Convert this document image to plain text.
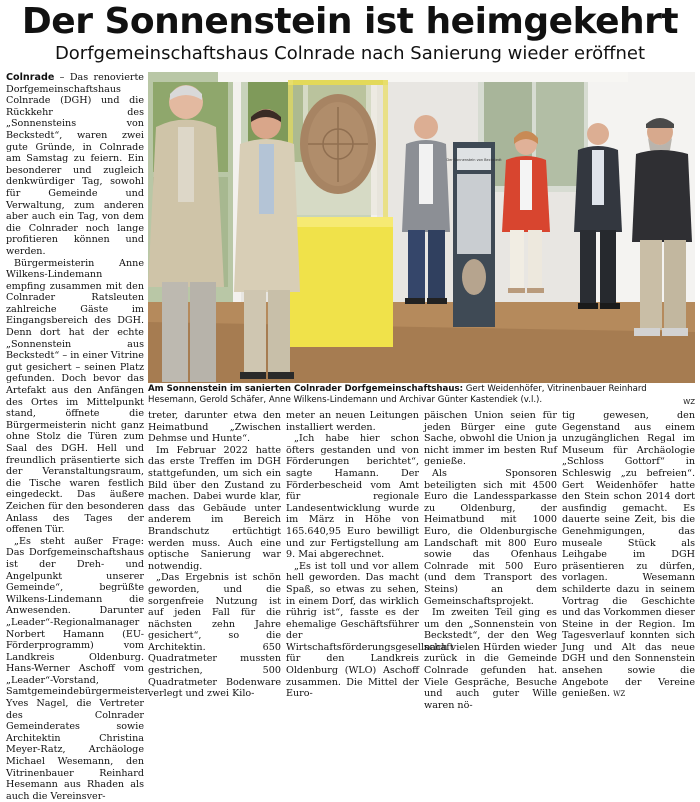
Der Sonnenstein ist heimgekehrt
Dorfgemeinschaftshaus Colnrade nach Sanierung wieder eröffnet

Colnrade – Das renovierte Dorfgemeinschaftshaus Colnrade (DGH) und die Rückkehr des „Sonnensteins von Beckstedt“, waren zwei gute Gründe, in Colnrade am Samstag zu feiern. Ein besonderer und zugleich denkwürdiger Tag, sowohl für Gemeinde und Verwaltung, zum anderen aber auch ein Tag, von dem die Colnrader noch lange profitieren können und werden.

Bürgermeisterin Anne Wilkens-Lindemann empfing zusammen mit den Colnrader Ratsleuten zahlreiche Gäste im Eingangsbereich des DGH. Denn dort hat der echte „Sonnenstein aus Beckstedt“ – in einer Vitrine gut gesichert – seinen Platz gefunden. Doch bevor das Artefakt aus den Anfängen des Ortes im Mittelpunkt stand, öffnete die Bürgermeisterin nicht ganz ohne Stolz die Türen zum Saal des DGH. Hell und freundlich präsentierte sich der Veranstaltungsraum, die Tische waren festlich eingedeckt. Das äußere Zeichen für den besonderen Anlass des Tages der offenen Tür.

„Es steht außer Frage: Das Dorfgemeinschaftshaus ist der Dreh- und Angelpunkt unserer Gemeinde“, begrüßte Wilkens-Lindemann die Anwesenden. Darunter „Leader“-Regionalmanager Norbert Hamann (EU-Förderprogramm) vom Landkreis Oldenburg. Hans-Werner Aschoff vom „Leader“-Vorstand, Samtgemeindebürgermeister Yves Nagel, die Vertreter des Colnrader Gemeinderates sowie Architektin Christina Meyer-Ratz, Archäologe Michael Wesemann, den Vitrinenbauer Reinhard Hesemann aus Rhaden als auch die Vereinsver-

Der Sonnenstein von Beckstedt
Am Sonnenstein im sanierten Colnrader Dorfgemeinschaftshaus: Gert Weidenhöfer, Vitrinenbauer Reinhard Hesemann, Gerold Schäfer, Anne Wilkens-Lindemann und Archivar Günter Kastendiek (v.l.).	WZ

treter, darunter etwa den Heimatbund „Zwischen Dehmse und Hunte“.

Im Februar 2022 hatte das erste Treffen im DGH stattgefunden, um sich ein Bild über den Zustand zu machen. Dabei wurde klar, dass das Gebäude unter anderem im Bereich Brandschutz ertüchtigt werden muss. Auch eine optische Sanierung war notwendig.

„Das Ergebnis ist schön geworden, und die sorgenfreie Nutzung ist auf jeden Fall für die nächsten zehn Jahre gesichert“, so die Architektin. 650 Quadratmeter mussten gestrichen, 500 Quadratmeter Bodenware verlegt und zwei Kilo-

meter an neuen Leitungen installiert werden.

„Ich habe hier schon öfters gestanden und von Förderungen berichtet“, sagte Hamann. Der Förderbescheid vom Amt für regionale Landesentwicklung wurde im März in Höhe von 165.640,95 Euro bewilligt und zur Fertigstellung am 9. Mai abgerechnet.

„Es ist toll und vor allem hell geworden. Das macht Spaß, so etwas zu sehen, in einem Dorf, das wirklich rührig ist“, fasste es der ehemalige Geschäftsführer der Wirtschaftsförderungsgesellschaft für den Landkreis Oldenburg (WLO) Aschoff zusammen. Die Mittel der Euro-

päischen Union seien für jeden Bürger eine gute Sache, obwohl die Union ja nicht immer im besten Ruf genieße.

Als Sponsoren beteiligten sich mit 4500 Euro die Landessparkasse zu Oldenburg, der Heimatbund mit 1000 Euro, die Oldenburgische Landschaft mit 800 Euro sowie das Ofenhaus Colnrade mit 500 Euro (und dem Transport des Steins) an dem Gemeinschaftsprojekt.

Im zweiten Teil ging es um den „Sonnenstein von Beckstedt“, der den Weg nach vielen Hürden wieder zurück in die Gemeinde Colnrade gefunden hat. Viele Gespräche, Besuche und auch guter Wille waren nö-

tig gewesen, den Gegenstand aus einem unzugänglichen Regal im Museum für Archäologie „Schloss Gottorf“ in Schleswig „zu befreien“. Gert Weidenhöfer hatte den Stein schon 2014 dort ausfindig gemacht. Es dauerte seine Zeit, bis die Genehmigungen, das museale Stück als Leihgabe im DGH präsentieren zu dürfen, vorlagen. Wesemann schilderte dazu in seinem Vortrag die Geschichte und das Vorkommen dieser Steine in der Region. Im Tagesverlauf konnten sich Jung und Alt das neue DGH und den Sonnenstein ansehen sowie die Angebote der Vereine genießen. WZ
